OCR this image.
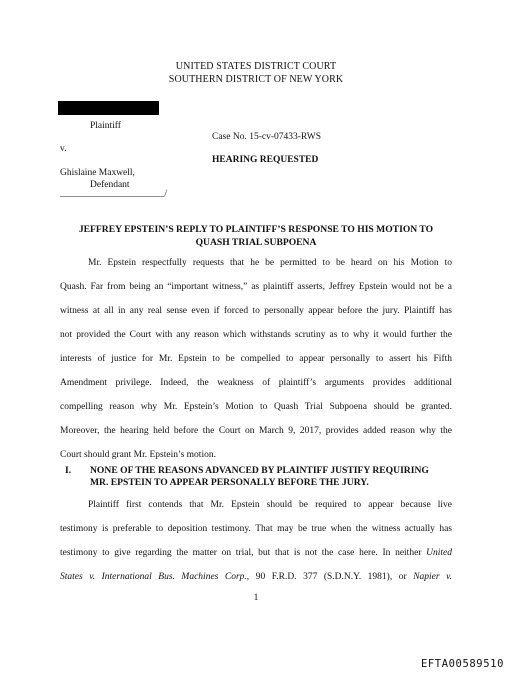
UNITED STATES DISTRICT COURT
SOUTHERN DISTRICT OF NEW YORK
Plaintiff
Case No. 15-cv-07433-RWS
v.
HEARING REQUESTED
Ghislaine Maxwell,
Defendant
______________________/
JEFFREY EPSTEIN’S REPLY TO PLAINTIFF’S RESPONSE TO HIS MOTION TO
QUASH TRIAL SUBPOENA
Mr. Epstein respectfully requests that he be permitted to be heard on his Motion to
Quash. Far from being an “important witness,” as plaintiff asserts, Jeffrey Epstein would not be a
witness at all in any real sense even if forced to personally appear before the jury. Plaintiff has
not provided the Court with any reason which withstands scrutiny as to why it would further the
interests of justice for Mr. Epstein to be compelled to appear personally to assert his Fifth
Amendment privilege. Indeed, the weakness of plaintiff’s arguments provides additional
compelling reason why Mr. Epstein’s Motion to Quash Trial Subpoena should be granted.
Moreover, the hearing held before the Court on March 9, 2017, provides added reason why the
Court should grant Mr. Epstein’s motion.
I. NONE OF THE REASONS ADVANCED BY PLAINTIFF JUSTIFY REQUIRING
MR. EPSTEIN TO APPEAR PERSONALLY BEFORE THE JURY.
Plaintiff first contends that Mr. Epstein should be required to appear because live
testimony is preferable to deposition testimony. That may be true when the witness actually has
testimony to give regarding the matter on trial, but that is not the case here. In neither United
States v. International Bus. Machines Corp., 90 F.R.D. 377 (S.D.N.Y. 1981), or Napier v.
1
EFTA00589510
